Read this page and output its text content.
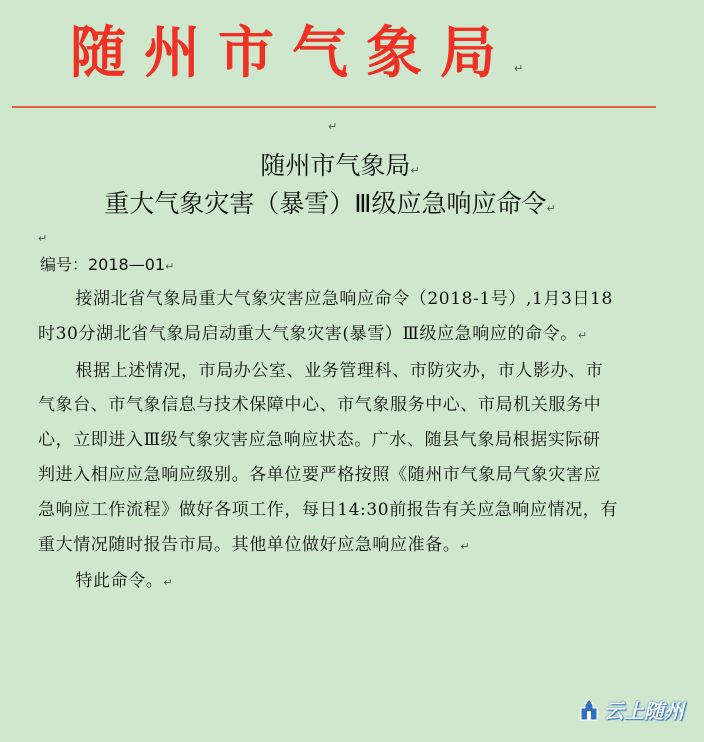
随州市气象局↵
↵
随州市气象局↵
重大气象灾害（暴雪）Ⅲ级应急响应命令↵
↵
编号：2018—01↵

接湖北省气象局重大气象灾害应急响应命令（2018-1号）,1月3日18时30分湖北省气象局启动重大气象灾害(暴雪）Ⅲ级应急响应的命令。↵

根据上述情况，市局办公室、业务管理科、市防灾办，市人影办、市气象台、市气象信息与技术保障中心、市气象服务中心、市局机关服务中心，立即进入Ⅲ级气象灾害应急响应状态。广水、随县气象局根据实际研判进入相应应急响应级别。各单位要严格按照《随州市气象局气象灾害应急响应工作流程》做好各项工作，每日14:30前报告有关应急响应情况，有重大情况随时报告市局。其他单位做好应急响应准备。↵

特此命令。↵

云上随州
